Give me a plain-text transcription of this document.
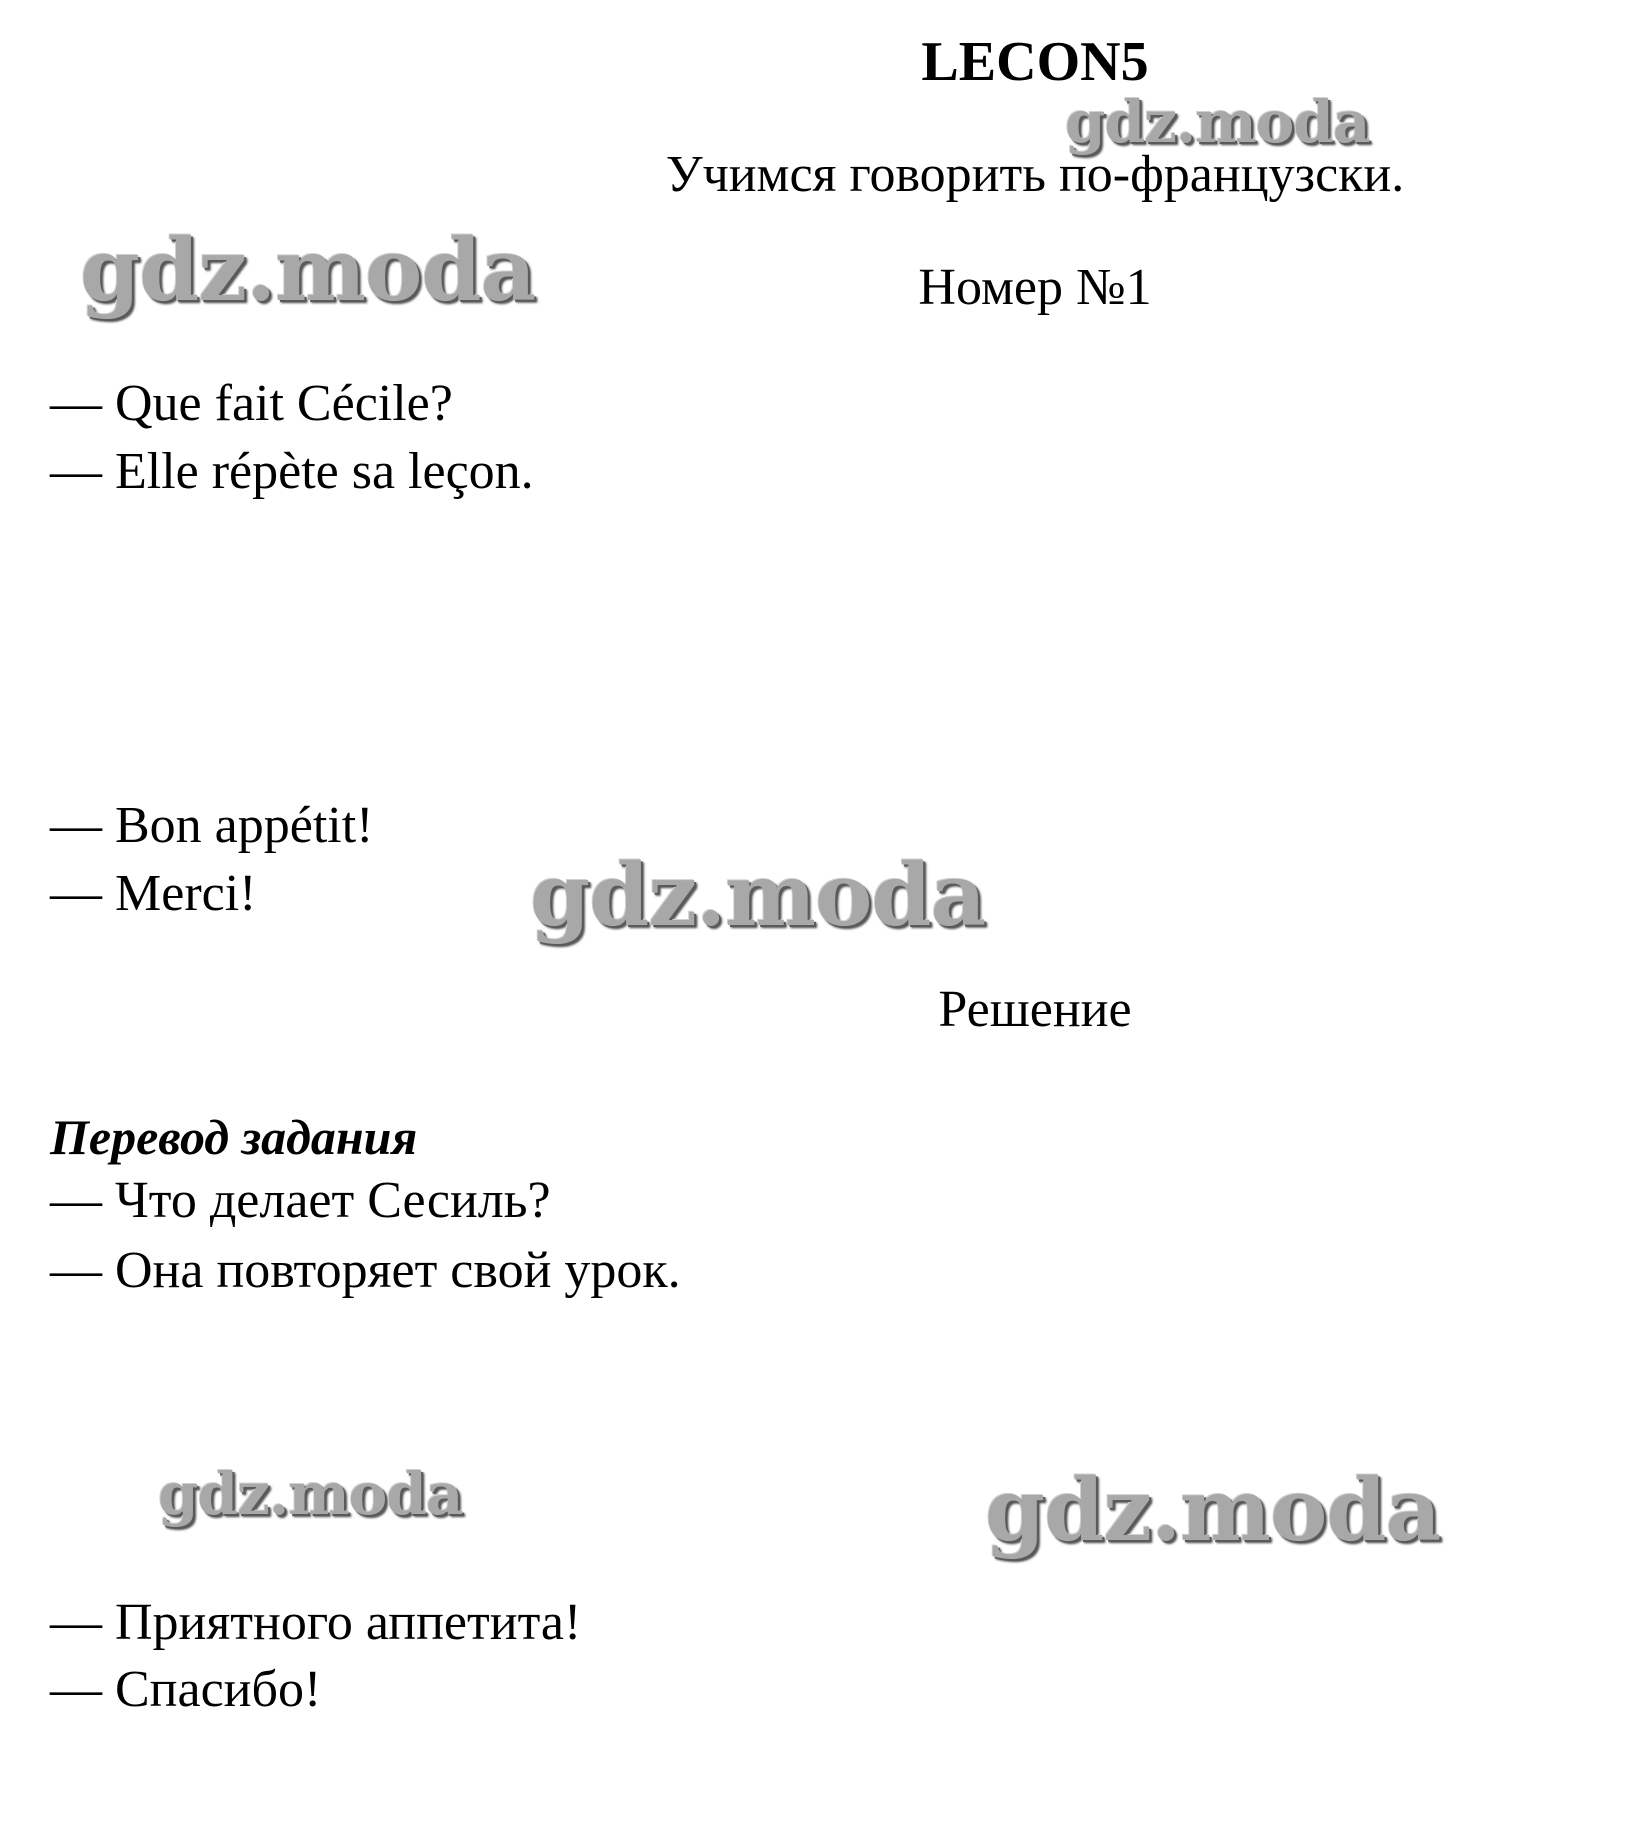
LECON5
Учимся говорить по-французски.
Номер №1
— Que fait Cécile?
— Elle répète sa leçon.
— Bon appétit!
— Merci!
Решение
Перевод задания
— Что делает Сесиль?
— Она повторяет свой урок.
— Приятного аппетита!
— Спасибо!
gdz.moda
gdz.moda
gdz.moda
gdz.moda	gdz.moda
